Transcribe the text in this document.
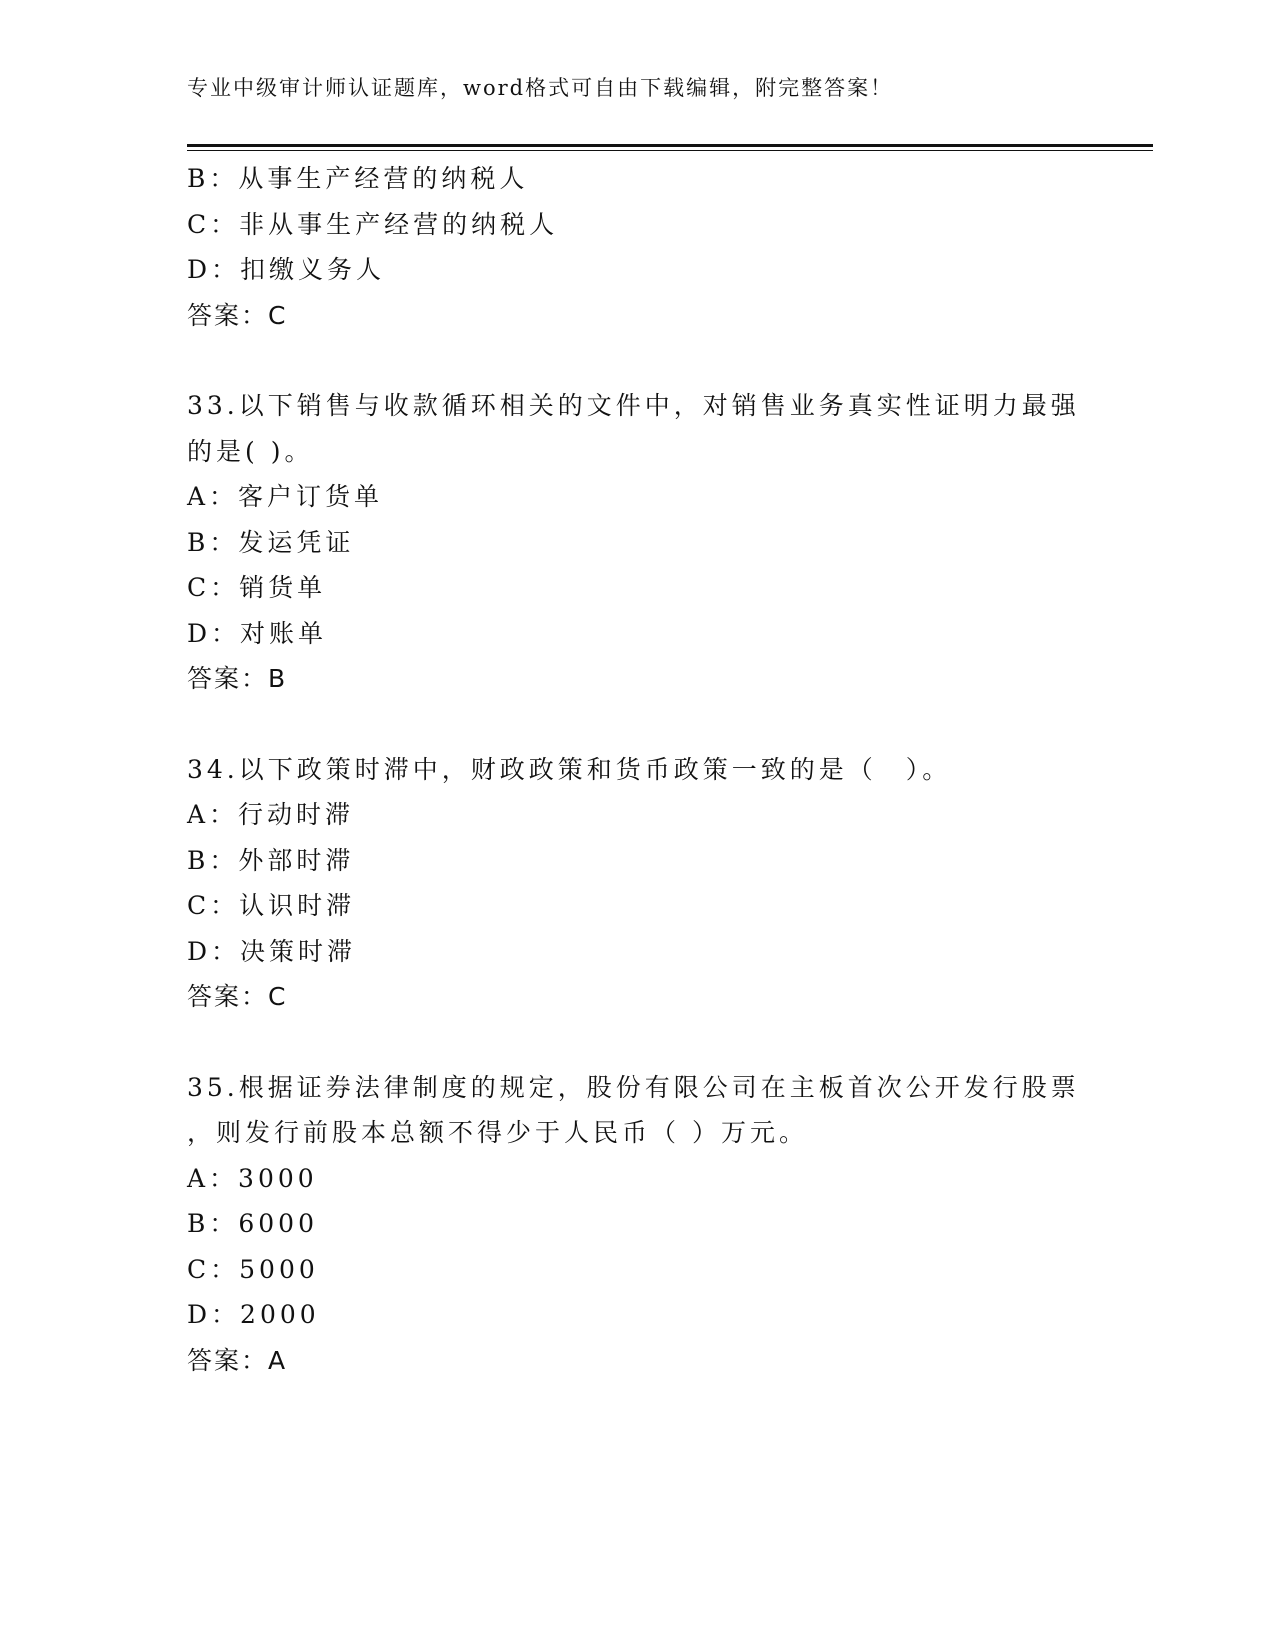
专业中级审计师认证题库，word格式可自由下载编辑，附完整答案！
B：从事生产经营的纳税人
C：非从事生产经营的纳税人
D：扣缴义务人
答案：C
33.以下销售与收款循环相关的文件中，对销售业务真实性证明力最强
的是( )。
A：客户订货单
B：发运凭证
C：销货单
D：对账单
答案：B
34.以下政策时滞中，财政政策和货币政策一致的是（　）。
A：行动时滞
B：外部时滞
C：认识时滞
D：决策时滞
答案：C
35.根据证券法律制度的规定，股份有限公司在主板首次公开发行股票
，则发行前股本总额不得少于人民币（ ）万元。
A：3000
B：6000
C：5000
D：2000
答案：A
